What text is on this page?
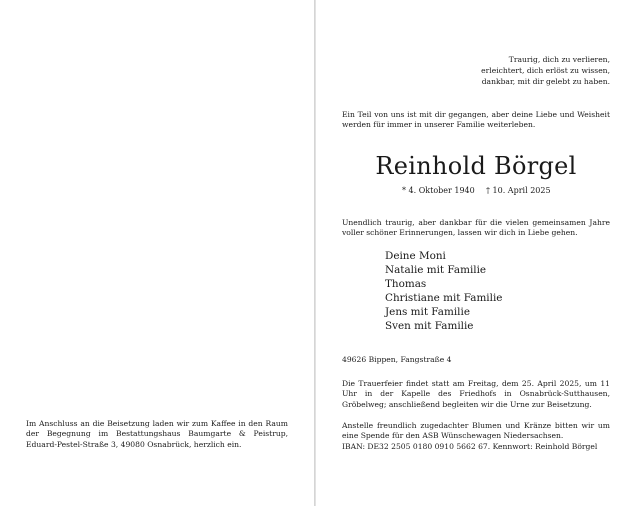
Im Anschluss an die Beisetzung laden wir zum Kaffee in den Raum der Begegnung im Bestattungshaus Baumgarte & Peistrup, Eduard-Pestel-Straße 3, 49080 Osnabrück, herzlich ein.

Traurig, dich zu verlieren,
erleichtert, dich erlöst zu wissen,
dankbar, mit dir gelebt zu haben.

Ein Teil von uns ist mit dir gegangen, aber deine Liebe und Weisheit werden für immer in unserer Familie weiterleben.

Reinhold Börgel
* 4. Oktober 1940 † 10. April 2025

Unendlich traurig, aber dankbar für die vielen gemeinsamen Jahre voller schöner Erinnerungen, lassen wir dich in Liebe gehen.

Deine Moni
Natalie mit Familie
Thomas
Christiane mit Familie
Jens mit Familie
Sven mit Familie
49626 Bippen, Fangstraße 4

Die Trauerfeier findet statt am Freitag, dem 25. April 2025, um 11 Uhr in der Kapelle des Friedhofs in Osnabrück-Sutthausen, Gröbelweg; anschließend begleiten wir die Urne zur Beisetzung.

Anstelle freundlich zugedachter Blumen und Kränze bitten wir um eine Spende für den ASB Wünschewagen Niedersachsen.
IBAN: DE32 2505 0180 0910 5662 67. Kennwort: Reinhold Börgel
